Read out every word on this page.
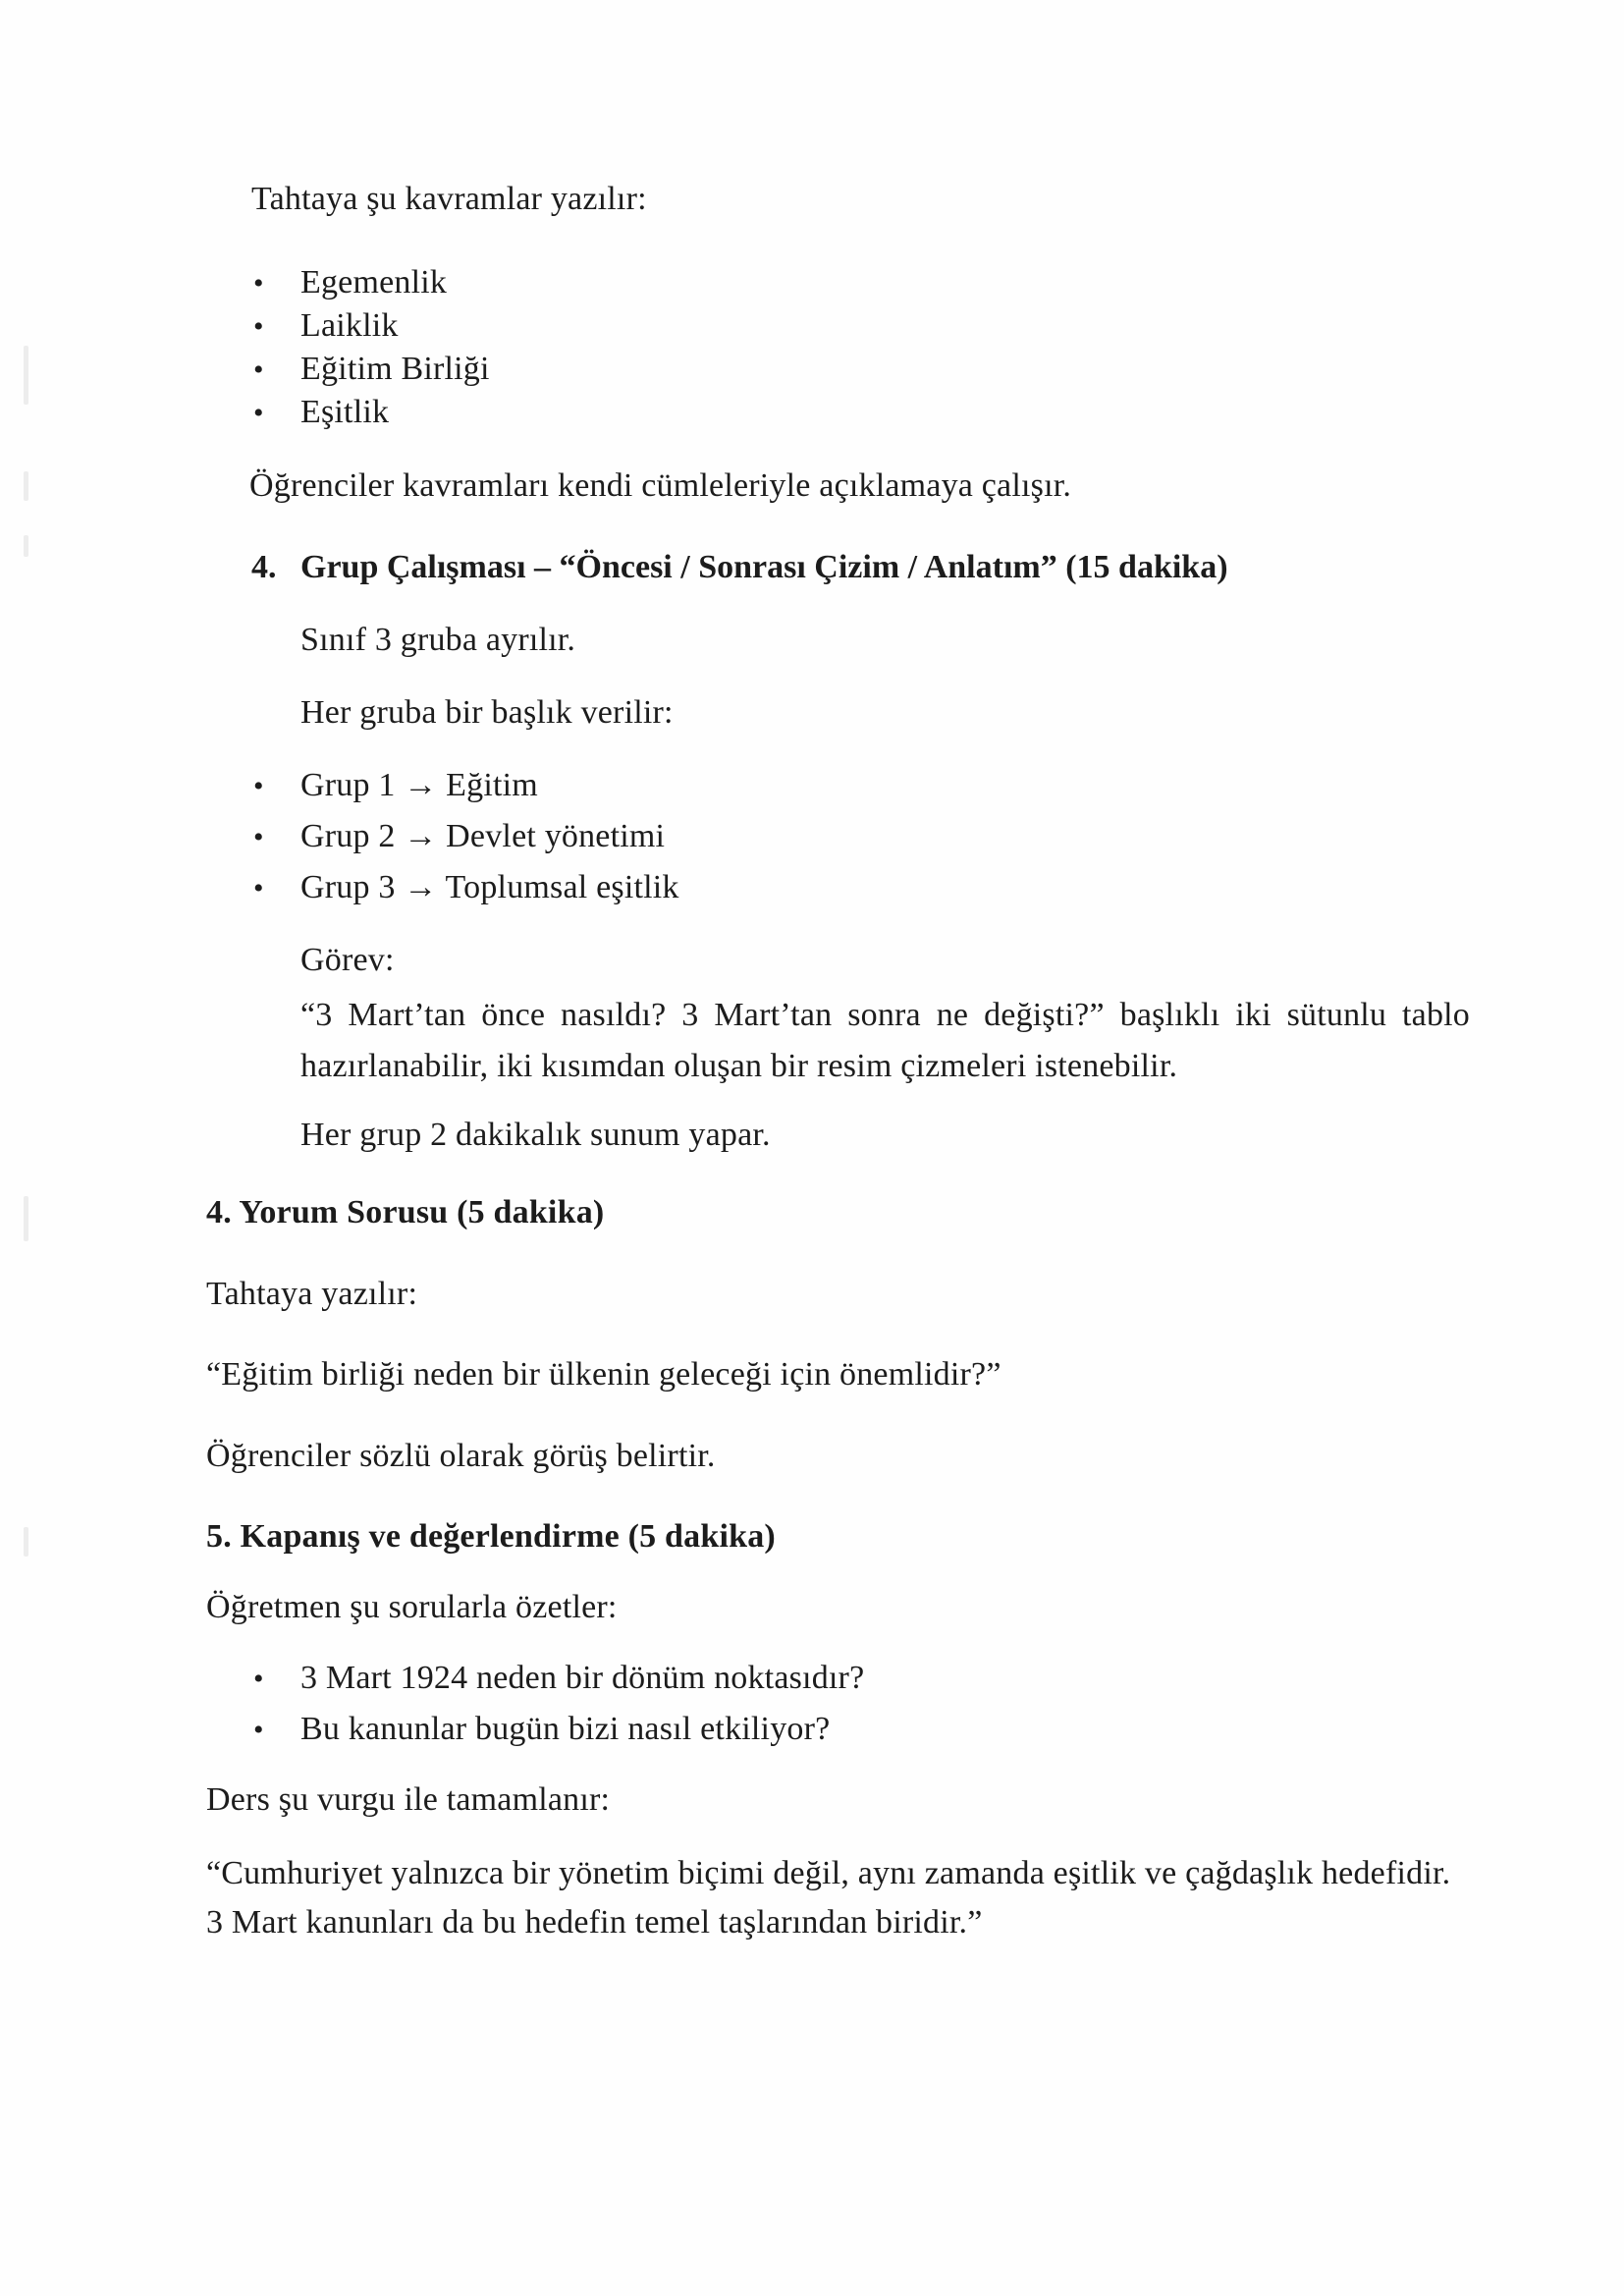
Tahtaya şu kavramlar yazılır:
•	Egemenlik
•	Laiklik
•	Eğitim Birliği
•	Eşitlik
Öğrenciler kavramları kendi cümleleriyle açıklamaya çalışır.
4. Grup Çalışması – “Öncesi / Sonrası Çizim / Anlatım” (15 dakika)
Sınıf 3 gruba ayrılır.
Her gruba bir başlık verilir:
•	Grup 1 → Eğitim
•	Grup 2 → Devlet yönetimi
•	Grup 3 → Toplumsal eşitlik
Görev:
“3 Mart’tan önce nasıldı? 3 Mart’tan sonra ne değişti?” başlıklı iki sütunlu tablo hazırlanabilir, iki kısımdan oluşan bir resim çizmeleri istenebilir.
Her grup 2 dakikalık sunum yapar.
4. Yorum Sorusu (5 dakika)
Tahtaya yazılır:
“Eğitim birliği neden bir ülkenin geleceği için önemlidir?”
Öğrenciler sözlü olarak görüş belirtir.
5. Kapanış ve değerlendirme (5 dakika)
Öğretmen şu sorularla özetler:
•	3 Mart 1924 neden bir dönüm noktasıdır?
•	Bu kanunlar bugün bizi nasıl etkiliyor?
Ders şu vurgu ile tamamlanır:
“Cumhuriyet yalnızca bir yönetim biçimi değil, aynı zamanda eşitlik ve çağdaşlık hedefidir. 3 Mart kanunları da bu hedefin temel taşlarından biridir.”
